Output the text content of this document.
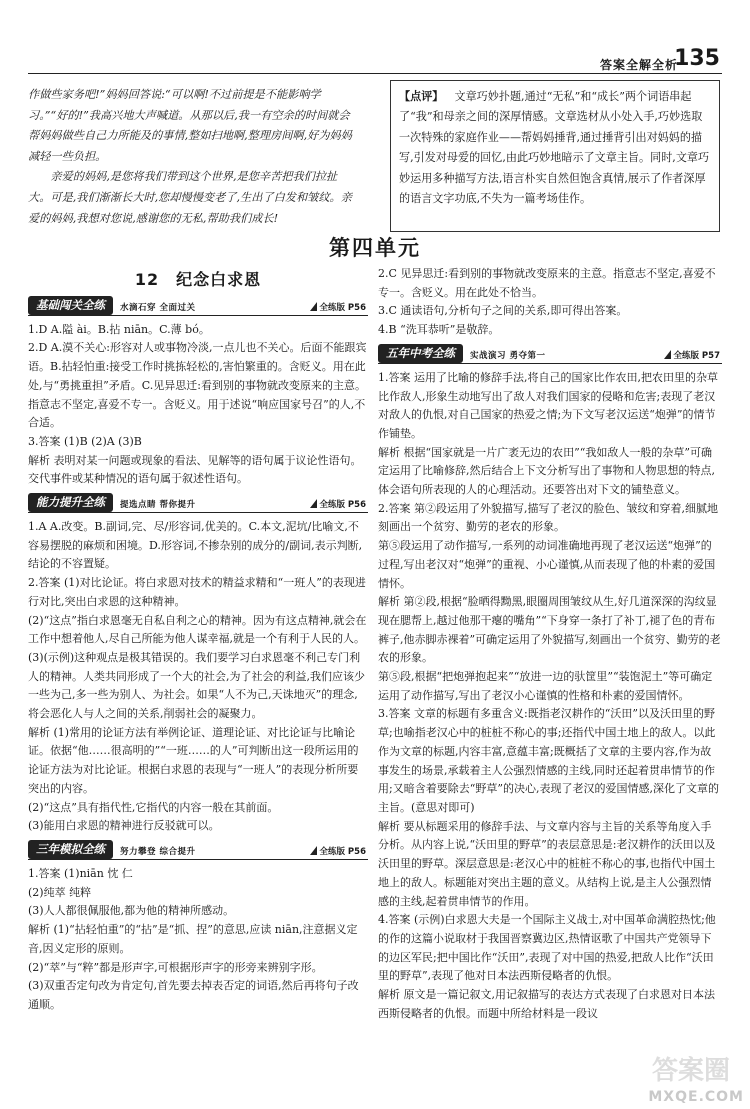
答案全解全析
135

作做些家务吧!”妈妈回答说:“可以啊!不过前提是不能影响学习。”“好的!”我高兴地大声喊道。从那以后,我一有空余的时间就会帮妈妈做些自己力所能及的事情,整如扫地啊,整理房间啊,好为妈妈减轻一些负担。

亲爱的妈妈,是您将我们带到这个世界,是您辛苦把我们拉扯大。可是,我们渐渐长大时,您却慢慢变老了,生出了白发和皱纹。亲爱的妈妈,我想对您说,感谢您的无私,帮助我们成长!

【点评】  文章巧妙扑题,通过“无私”和“成长”两个词语串起了“我”和母亲之间的深厚情感。文章选材从小处入手,巧妙选取一次特殊的家庭作业——帮妈妈捶背,通过捶背引出对妈妈的描写,引发对母爱的回忆,由此巧妙地暗示了文章主旨。同时,文章巧妙运用多种描写方法,语言朴实自然但饱含真情,展示了作者深厚的语言文字功底,不失为一篇考场佳作。

第四单元
12  纪念白求恩
基础闯关全练	水滴石穿 全面过关	全练版 P56

1.D A.隘 ài。B.拈 niān。C.薄 bó。

2.D A.漠不关心:形容对人或事物冷淡,一点儿也不关心。后面不能跟宾语。B.拈轻怕重:接受工作时挑拣轻松的,害怕繁重的。含贬义。用在此处,与“勇挑重担”矛盾。C.见异思迁:看到别的事物就改变原来的主意。指意志不坚定,喜爱不专一。含贬义。用于述说“响应国家号召”的人,不合适。

3.答案 (1)B (2)A (3)B

解析 表明对某一问题或现象的看法、见解等的语句属于议论性语句。交代事件或某种情况的语句属于叙述性语句。

能力提升全练	提选点睛 帮你提升	全练版 P56

1.A A.改变。B.副词,完、尽/形容词,优美的。C.本文,泥坑/比喻文,不容易摆脱的麻烦和困境。D.形容词,不掺杂别的成分的/副词,表示判断,结论的不容置疑。

2.答案 (1)对比论证。将白求恩对技术的精益求精和“一班人”的表现进行对比,突出白求恩的这种精神。

(2)“这点”指白求恩毫无自私自利之心的精神。因为有这点精神,就会在工作中想着他人,尽自己所能为他人谋幸福,就是一个有利于人民的人。

(3)(示例)这种观点是极其错误的。我们要学习白求恩毫不利己专门利人的精神。人类共同形成了一个大的社会,为了社会的利益,我们应该少一些为己,多一些为别人、为社会。如果“人不为己,天诛地灭”的理念,将会恶化人与人之间的关系,削弱社会的凝聚力。

解析 (1)常用的论证方法有举例论证、道理论证、对比论证与比喻论证。依据“他……很高明的”“一班……的人”可判断出这一段所运用的论证方法为对比论证。根据白求恩的表现与“一班人”的表现分析所要突出的内容。

(2)“这点”具有指代性,它指代的内容一般在其前面。

(3)能用白求恩的精神进行反驳就可以。

三年模拟全练	努力攀登 综合提升	全练版 P56

1.答案 (1)niān 忱 仁

(2)纯萃 纯粹

(3)人人都很佩服他,都为他的精神所感动。

解析 (1)“拈轻怕重”的“拈”是“抓、捏”的意思,应读 niān,注意据义定音,因义定形的原则。

(2)“萃”与“粹”都是形声字,可根据形声字的形旁来辨别字形。

(3)双重否定句改为肯定句,首先要去掉表否定的词语,然后再将句子改通顺。

2.C 见异思迁:看到别的事物就改变原来的主意。指意志不坚定,喜爱不专一。含贬义。用在此处不恰当。

3.C 通读语句,分析句子之间的关系,即可得出答案。

4.B “洗耳恭听”是敬辞。

五年中考全练	实战演习 勇夺第一	全练版 P57

1.答案 运用了比喻的修辞手法,将自己的国家比作农田,把农田里的杂草比作敌人,形象生动地写出了敌人对我们国家的侵略和危害;表现了老汉对敌人的仇恨,对自己国家的热爱之情;为下文写老汉运送“炮弹”的情节作铺垫。

解析 根据“国家就是一片广袤无边的农田”“我如敌人一般的杂草”可确定运用了比喻修辞,然后结合上下文分析写出了事物和人物思想的特点,体会语句所表现的人的心理活动。还要答出对下文的铺垫意义。

2.答案 第②段运用了外貌描写,描写了老汉的脸色、皱纹和穿着,细腻地刻画出一个贫穷、勤劳的老农的形象。

第⑤段运用了动作描写,一系列的动词准确地再现了老汉运送“炮弹”的过程,写出老汉对“炮弹”的重视、小心谨慎,从而表现了他的朴素的爱国情怀。

解析 第②段,根据“脸晒得黝黑,眼圈周围皱纹从生,好几道深深的沟纹显现在腮帮上,越过他那干瘪的嘴角”“下身穿一条打了补丁,褪了色的青布裤子,他赤脚赤裸着”可确定运用了外貌描写,刻画出一个贫穷、勤劳的老农的形象。

第⑤段,根据“把炮弹抱起来”“放进一边的驮筐里”“装饱泥土”等可确定运用了动作描写,写出了老汉小心谨慎的性格和朴素的爱国情怀。

3.答案 文章的标题有多重含义:既指老汉耕作的“沃田”以及沃田里的野草;也喻指老汉心中的桩桩不称心的事;还指代中国土地上的敌人。以此作为文章的标题,内容丰富,意蕴丰富;既概括了文章的主要内容,作为故事发生的场景,承载着主人公强烈情感的主线,同时还起着贯串情节的作用;又暗含着要除去“野草”的决心,表现了老汉的爱国情感,深化了文章的主旨。(意思对即可)

解析 要从标题采用的修辞手法、与文章内容与主旨的关系等角度入手分析。从内容上说,“沃田里的野草”的表层意思是:老汉耕作的沃田以及沃田里的野草。深层意思是:老汉心中的桩桩不称心的事,也指代中国土地上的敌人。标题能对突出主题的意义。从结构上说,是主人公强烈情感的主线,起着贯串情节的作用。

4.答案 (示例)白求恩大夫是一个国际主义战士,对中国革命满腔热忱;他的作的这篇小说取材于我国晋察冀边区,热情讴歌了中国共产党领导下的边区军民;把中国比作“沃田”,表现了对中国的热爱,把敌人比作“沃田里的野草”,表现了他对日本法西斯侵略者的仇恨。

解析 原文是一篇记叙文,用记叙描写的表达方式表现了白求恩对日本法西斯侵略者的仇恨。而题中所给材料是一段议

答案圈
MXQE.COM
